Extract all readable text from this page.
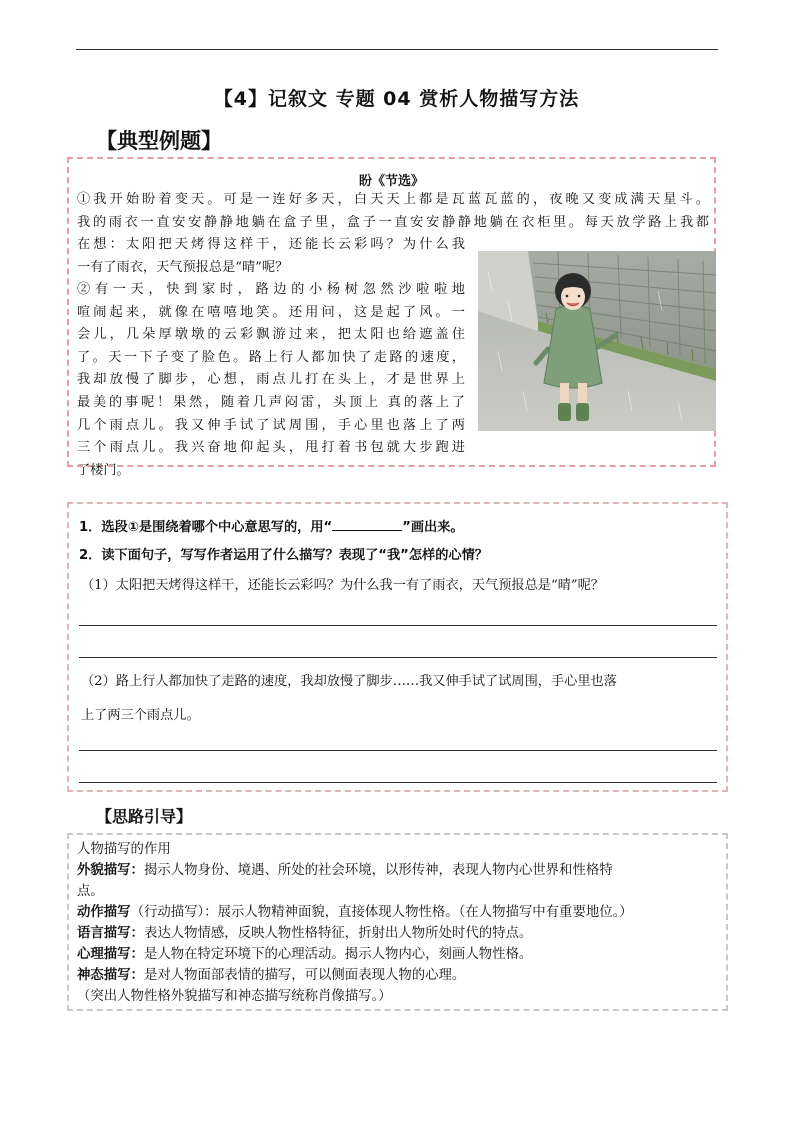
【4】记叙文 专题 04 赏析人物描写方法
【典型例题】
盼《节选》
①我开始盼着变天。可是一连好多天，白天天上都是瓦蓝瓦蓝的，夜晚又变成满天星斗。
我的雨衣一直安安静静地躺在盒子里，盒子一直安安静静地躺在衣柜里。每天放学路上我都
在想：太阳把天烤得这样干，还能长云彩吗？为什么我
一有了雨衣，天气预报总是“晴”呢？
②有一天，快到家时，路边的小杨树忽然沙啦啦地
喧闹起来，就像在嘻嘻地笑。还用问，这是起了风。一
会儿，几朵厚墩墩的云彩飘游过来，把太阳也给遮盖住
了。天一下子变了脸色。路上行人都加快了走路的速度，
我却放慢了脚步，心想，雨点儿打在头上，才是世界上
最美的事呢！果然，随着几声闷雷，头顶上 真的落上了
几个雨点儿。我又伸手试了试周围，手心里也落上了两
三个雨点儿。我兴奋地仰起头，甩打着书包就大步跑进
了楼门。
1．选段①是围绕着哪个中心意思写的，用“	”画出来。
2．读下面句子，写写作者运用了什么描写？表现了“我”怎样的心情？
（1）太阳把天烤得这样干，还能长云彩吗？为什么我一有了雨衣，天气预报总是“晴”呢？
（2）路上行人都加快了走路的速度，我却放慢了脚步……我又伸手试了试周围，手心里也落
上了两三个雨点儿。
【思路引导】
人物描写的作用
外貌描写：揭示人物身份、境遇、所处的社会环境，以形传神，表现人物内心世界和性格特
点。
动作描写（行动描写）：展示人物精神面貌，直接体现人物性格。（在人物描写中有重要地位。）
语言描写：表达人物情感，反映人物性格特征，折射出人物所处时代的特点。
心理描写：是人物在特定环境下的心理活动。揭示人物内心，刻画人物性格。
神态描写：是对人物面部表情的描写，可以侧面表现人物的心理。
（突出人物性格外貌描写和神态描写统称肖像描写。）
